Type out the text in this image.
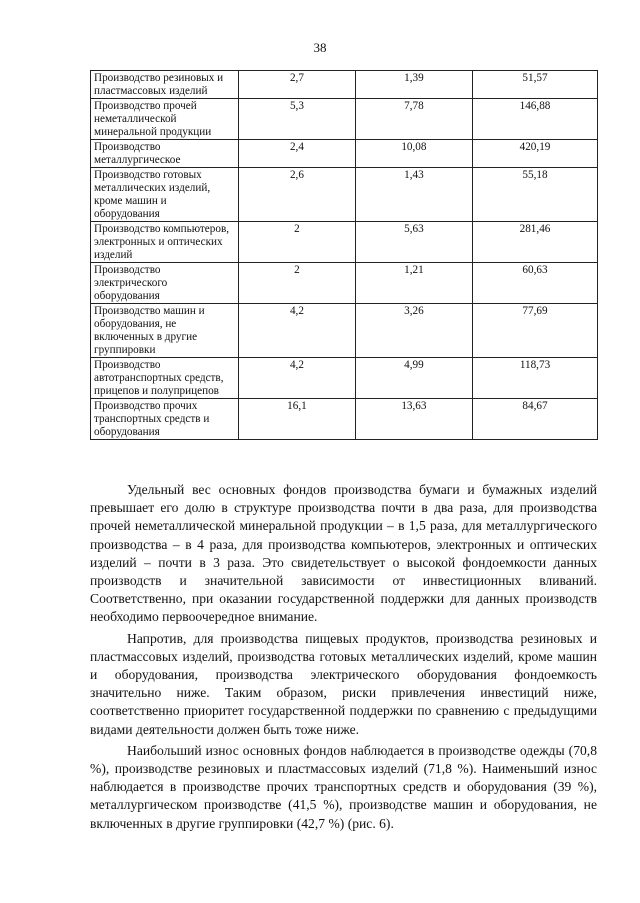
38
Производство резиновых и пластмассовых изделий	2,7	1,39	51,57
Производство прочей неметаллической минеральной продукции	5,3	7,78	146,88
Производство металлургическое	2,4	10,08	420,19
Производство готовых металлических изделий, кроме машин и оборудования	2,6	1,43	55,18
Производство компьютеров, электронных и оптических изделий	2	5,63	281,46
Производство электрического оборудования	2	1,21	60,63
Производство машин и оборудования, не включенных в другие группировки	4,2	3,26	77,69
Производство автотранспортных средств, прицепов и полуприцепов	4,2	4,99	118,73
Производство прочих транспортных средств и оборудования	16,1	13,63	84,67

Удельный вес основных фондов производства бумаги и бумажных изделий превышает его долю в структуре производства почти в два раза, для производства прочей неметаллической минеральной продукции – в 1,5 раза, для металлургического производства – в 4 раза, для производства компьютеров, электронных и оптических изделий – почти в 3 раза. Это свидетельствует о высокой фондоемкости данных производств и значительной зависимости от инвестиционных вливаний. Соответственно, при оказании государственной поддержки для данных производств необходимо первоочередное внимание.

Напротив, для производства пищевых продуктов, производства резиновых и пластмассовых изделий, производства готовых металлических изделий, кроме машин и оборудования, производства электрического оборудования фондоемкость значительно ниже. Таким образом, риски привлечения инвестиций ниже, соответственно приоритет государственной поддержки по сравнению с предыдущими видами деятельности должен быть тоже ниже.

Наибольший износ основных фондов наблюдается в производстве одежды (70,8 %), производстве резиновых и пластмассовых изделий (71,8 %). Наименьший износ наблюдается в производстве прочих транспортных средств и оборудования (39 %), металлургическом производстве (41,5 %), производстве машин и оборудования, не включенных в другие группировки (42,7 %) (рис. 6).
